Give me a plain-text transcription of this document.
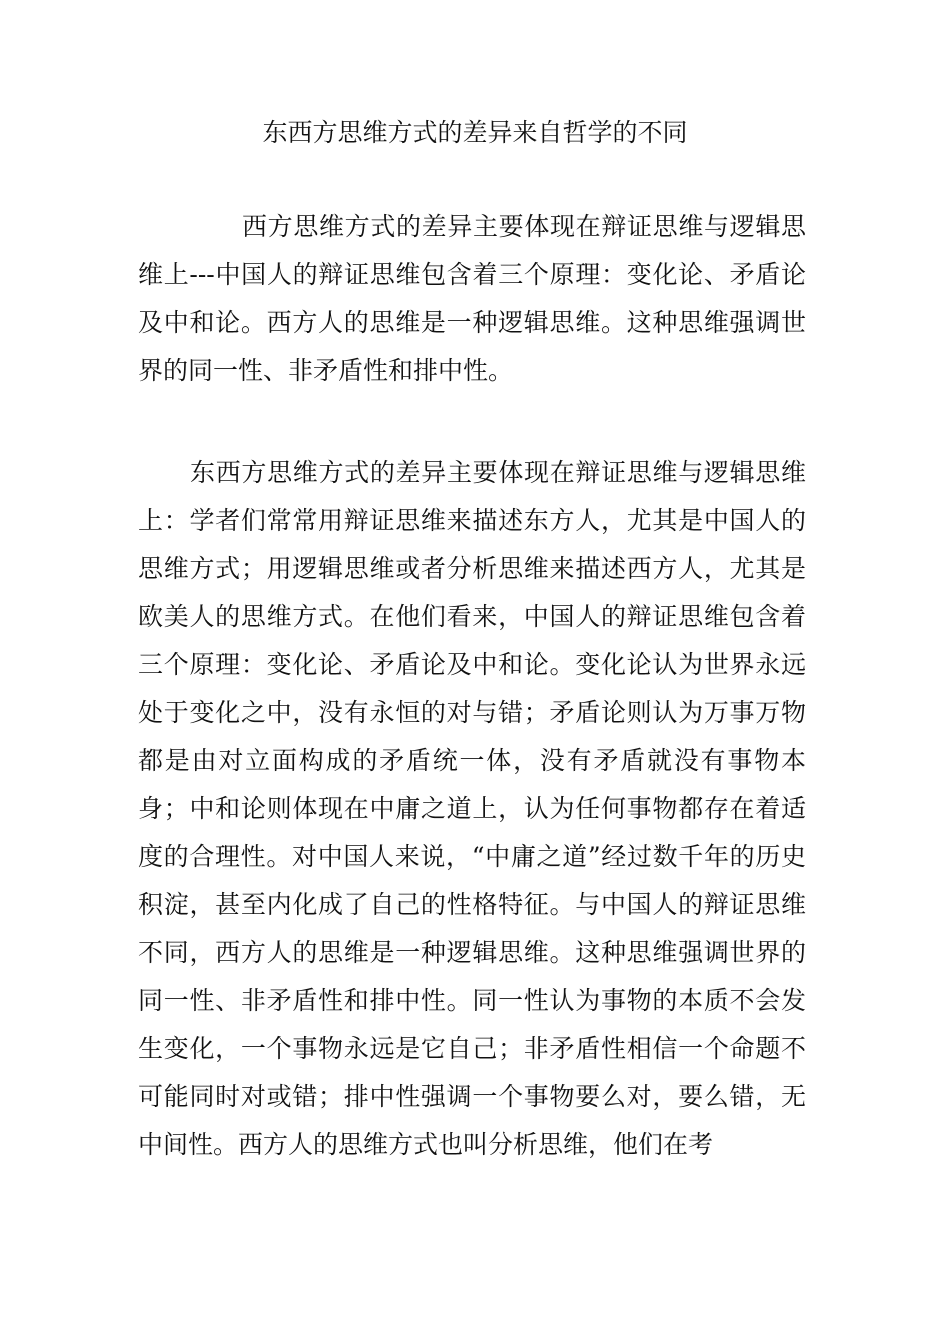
东西方思维方式的差异来自哲学的不同

西方思维方式的差异主要体现在辩证思维与逻辑思维上---中国人的辩证思维包含着三个原理：变化论、矛盾论及中和论。西方人的思维是一种逻辑思维。这种思维强调世界的同一性、非矛盾性和排中性。

东西方思维方式的差异主要体现在辩证思维与逻辑思维上：学者们常常用辩证思维来描述东方人，尤其是中国人的思维方式；用逻辑思维或者分析思维来描述西方人，尤其是欧美人的思维方式。在他们看来，中国人的辩证思维包含着三个原理：变化论、矛盾论及中和论。变化论认为世界永远处于变化之中，没有永恒的对与错；矛盾论则认为万事万物都是由对立面构成的矛盾统一体，没有矛盾就没有事物本身；中和论则体现在中庸之道上，认为任何事物都存在着适度的合理性。对中国人来说，“中庸之道”经过数千年的历史积淀，甚至内化成了自己的性格特征。与中国人的辩证思维不同，西方人的思维是一种逻辑思维。这种思维强调世界的同一性、非矛盾性和排中性。同一性认为事物的本质不会发生变化，一个事物永远是它自己；非矛盾性相信一个命题不可能同时对或错；排中性强调一个事物要么对，要么错，无中间性。西方人的思维方式也叫分析思维，他们在考
